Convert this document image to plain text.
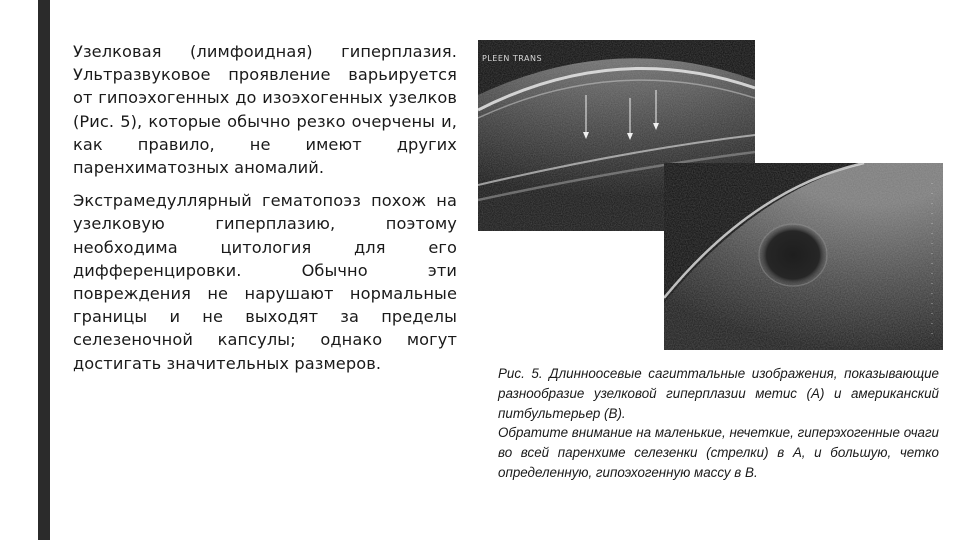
Узелковая (лимфоидная) гиперплазия. Ультразвуковое проявление варьируется от гипоэхогенных до изоэхогенных узелков (Рис. 5), которые обычно резко очерчены и, как правило, не имеют других паренхиматозных аномалий.

Экстрамедуллярный гематопоэз похож на узелковую гиперплазию, поэтому необходима цитология для его дифференцировки. Обычно эти повреждения не нарушают нормальные границы и не выходят за пределы селезеночной капсулы; однако могут достигать значительных размеров.

PLEEN TRANS

Рис. 5. Длинноосевые сагиттальные изображения, показывающие разнообразие узелковой гиперплазии метис (A) и американский питбультерьер (B).
Обратите внимание на маленькие, нечеткие, гиперэхогенные очаги во всей паренхиме селезенки (стрелки) в A, и большую, четко определенную, гипоэхогенную массу в B.
